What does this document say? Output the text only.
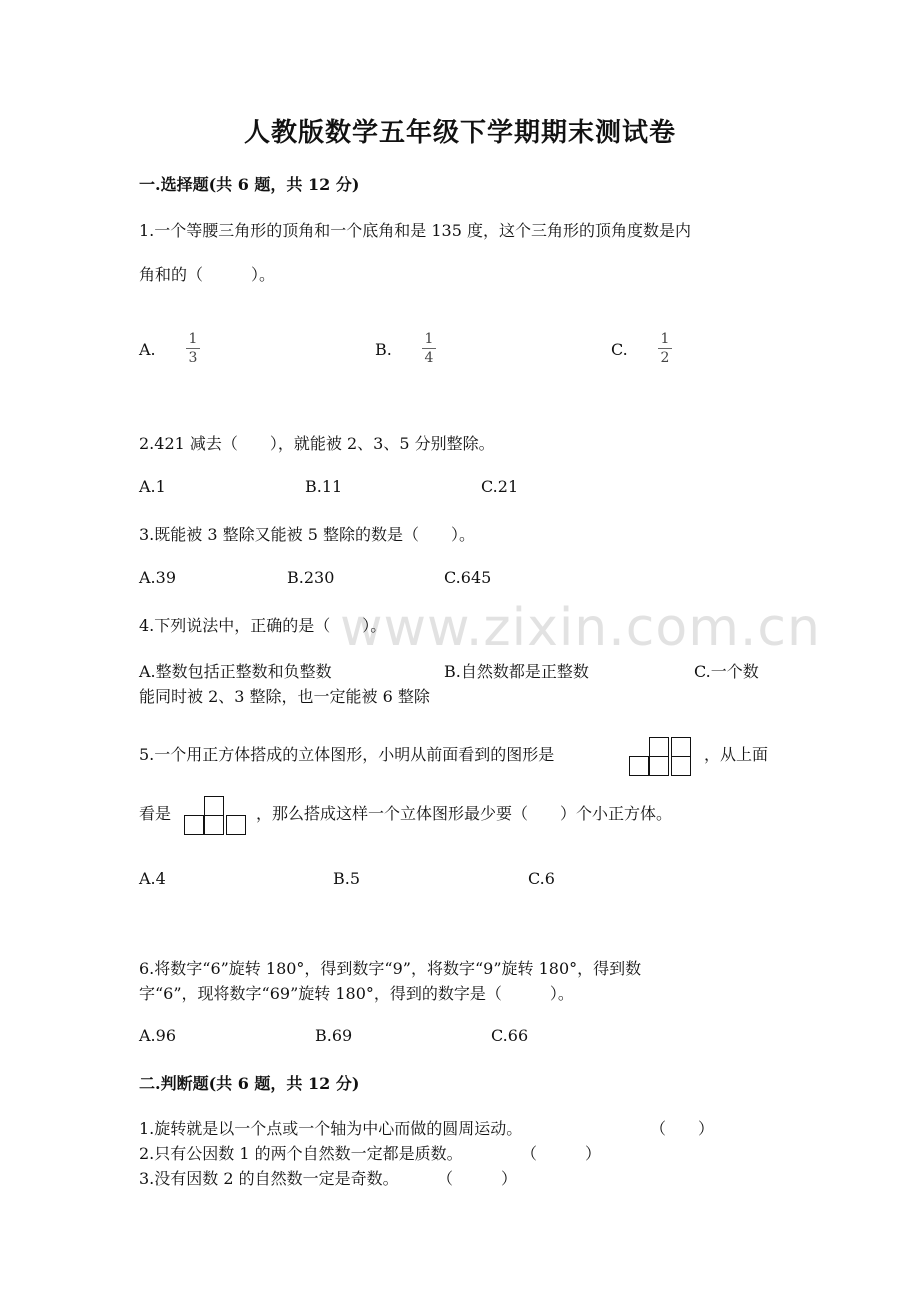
www.zixin.com.cn
人教版数学五年级下学期期末测试卷
一.选择题(共 6 题，共 12 分)
1.一个等腰三角形的顶角和一个底角和是 135 度，这个三角形的顶角度数是内
角和的（　　　）。
A.
1
3	B.
1
4	C.
1
2
2.421 减去（　　），就能被 2、3、5 分别整除。
A.1	B.11	C.21
3.既能被 3 整除又能被 5 整除的数是（　　）。
A.39	B.230	C.645
4.下列说法中，正确的是（　　）。
A.整数包括正整数和负整数	B.自然数都是正整数	C.一个数
能同时被 2、3 整除，也一定能被 6 整除
5.一个用正方体搭成的立体图形，小明从前面看到的图形是	，从上面
看是	，那么搭成这样一个立体图形最少要（　　）个小正方体。
A.4	B.5	C.6
6.将数字“6”旋转 180°，得到数字“9”，将数字“9”旋转 180°，得到数
字“6”，现将数字“69”旋转 180°，得到的数字是（　　　）。
A.96	B.69	C.66
二.判断题(共 6 题，共 12 分)
1.旋转就是以一个点或一个轴为中心而做的圆周运动。	（　　）
2.只有公因数 1 的两个自然数一定都是质数。	（　　　）
3.没有因数 2 的自然数一定是奇数。 （　　　）
